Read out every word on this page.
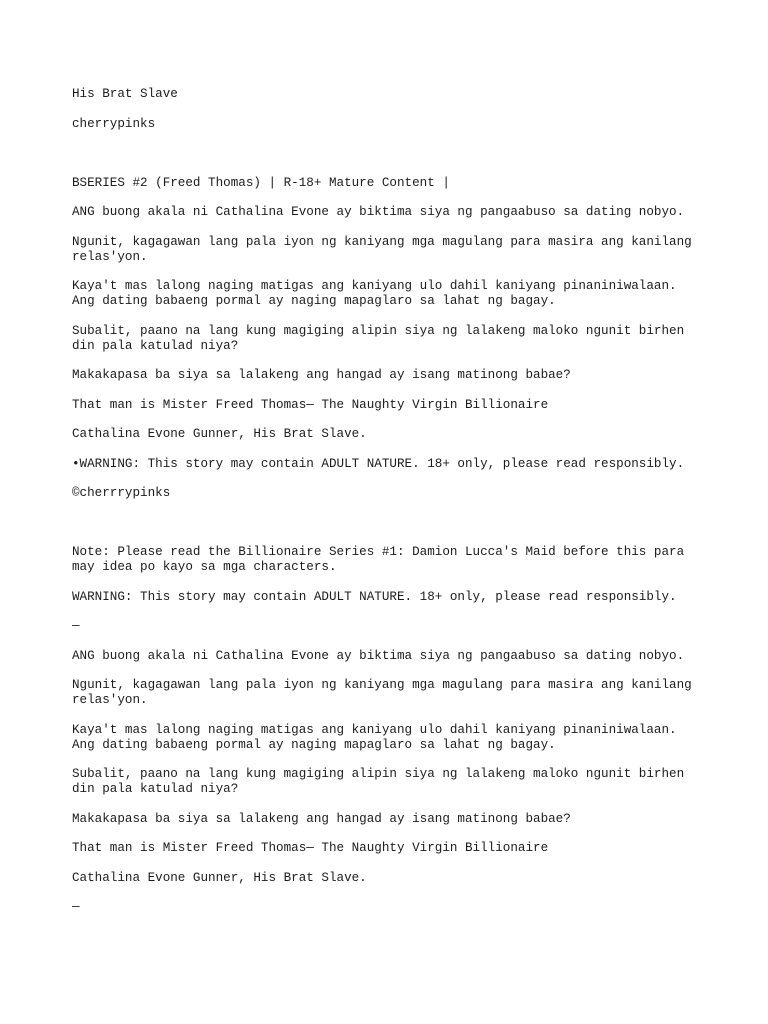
His Brat Slave

cherrypinks

BSERIES #2 (Freed Thomas) | R-18+ Mature Content |

ANG buong akala ni Cathalina Evone ay biktima siya ng pangaabuso sa dating nobyo.

Ngunit, kagagawan lang pala iyon ng kaniyang mga magulang para masira ang kanilang
relas'yon.

Kaya't mas lalong naging matigas ang kaniyang ulo dahil kaniyang pinaniniwalaan.
Ang dating babaeng pormal ay naging mapaglaro sa lahat ng bagay.

Subalit, paano na lang kung magiging alipin siya ng lalakeng maloko ngunit birhen
din pala katulad niya?

Makakapasa ba siya sa lalakeng ang hangad ay isang matinong babae?

That man is Mister Freed Thomas— The Naughty Virgin Billionaire

Cathalina Evone Gunner, His Brat Slave.

•WARNING: This story may contain ADULT NATURE. 18+ only, please read responsibly.

©cherrrypinks

Note: Please read the Billionaire Series #1: Damion Lucca's Maid before this para
may idea po kayo sa mga characters.

WARNING: This story may contain ADULT NATURE. 18+ only, please read responsibly.

—

ANG buong akala ni Cathalina Evone ay biktima siya ng pangaabuso sa dating nobyo.

Ngunit, kagagawan lang pala iyon ng kaniyang mga magulang para masira ang kanilang
relas'yon.

Kaya't mas lalong naging matigas ang kaniyang ulo dahil kaniyang pinaniniwalaan.
Ang dating babaeng pormal ay naging mapaglaro sa lahat ng bagay.

Subalit, paano na lang kung magiging alipin siya ng lalakeng maloko ngunit birhen
din pala katulad niya?

Makakapasa ba siya sa lalakeng ang hangad ay isang matinong babae?

That man is Mister Freed Thomas— The Naughty Virgin Billionaire

Cathalina Evone Gunner, His Brat Slave.

—
